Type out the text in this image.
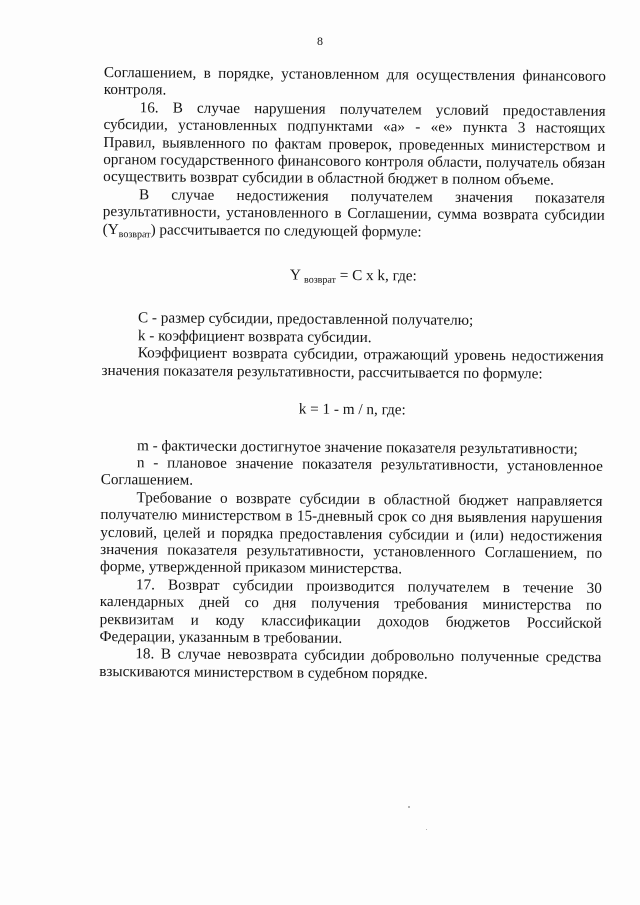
8

Соглашением, в порядке, установленном для осуществления финансового контроля.

16. В случае нарушения получателем условий предоставления субсидии, установленных подпунктами «а» - «е» пункта 3 настоящих Правил, выявленного по фактам проверок, проведенных министерством и органом государственного финансового контроля области, получатель обязан осуществить возврат субсидии в областной бюджет в полном объеме.

В случае недостижения получателем значения показателя результативности, установленного в Соглашении, сумма возврата субсидии $(Y_{возврат})$ рассчитывается по следующей формуле:

Y $_{возврат}$ = C x k, где:

C - размер субсидии, предоставленной получателю;

k - коэффициент возврата субсидии.

Коэффициент возврата субсидии, отражающий уровень недостижения значения показателя результативности, рассчитывается по формуле:

k = 1 - m / n, где:

m - фактически достигнутое значение показателя результативности;

n - плановое значение показателя результативности, установленное Соглашением.

Требование о возврате субсидии в областной бюджет направляется получателю министерством в 15-дневный срок со дня выявления нарушения условий, целей и порядка предоставления субсидии и (или) недостижения значения показателя результативности, установленного Соглашением, по форме, утвержденной приказом министерства.

17. Возврат субсидии производится получателем в течение 30 календарных дней со дня получения требования министерства по реквизитам и коду классификации доходов бюджетов Российской Федерации, указанным в требовании.

18. В случае невозврата субсидии добровольно полученные средства взыскиваются министерством в судебном порядке.
